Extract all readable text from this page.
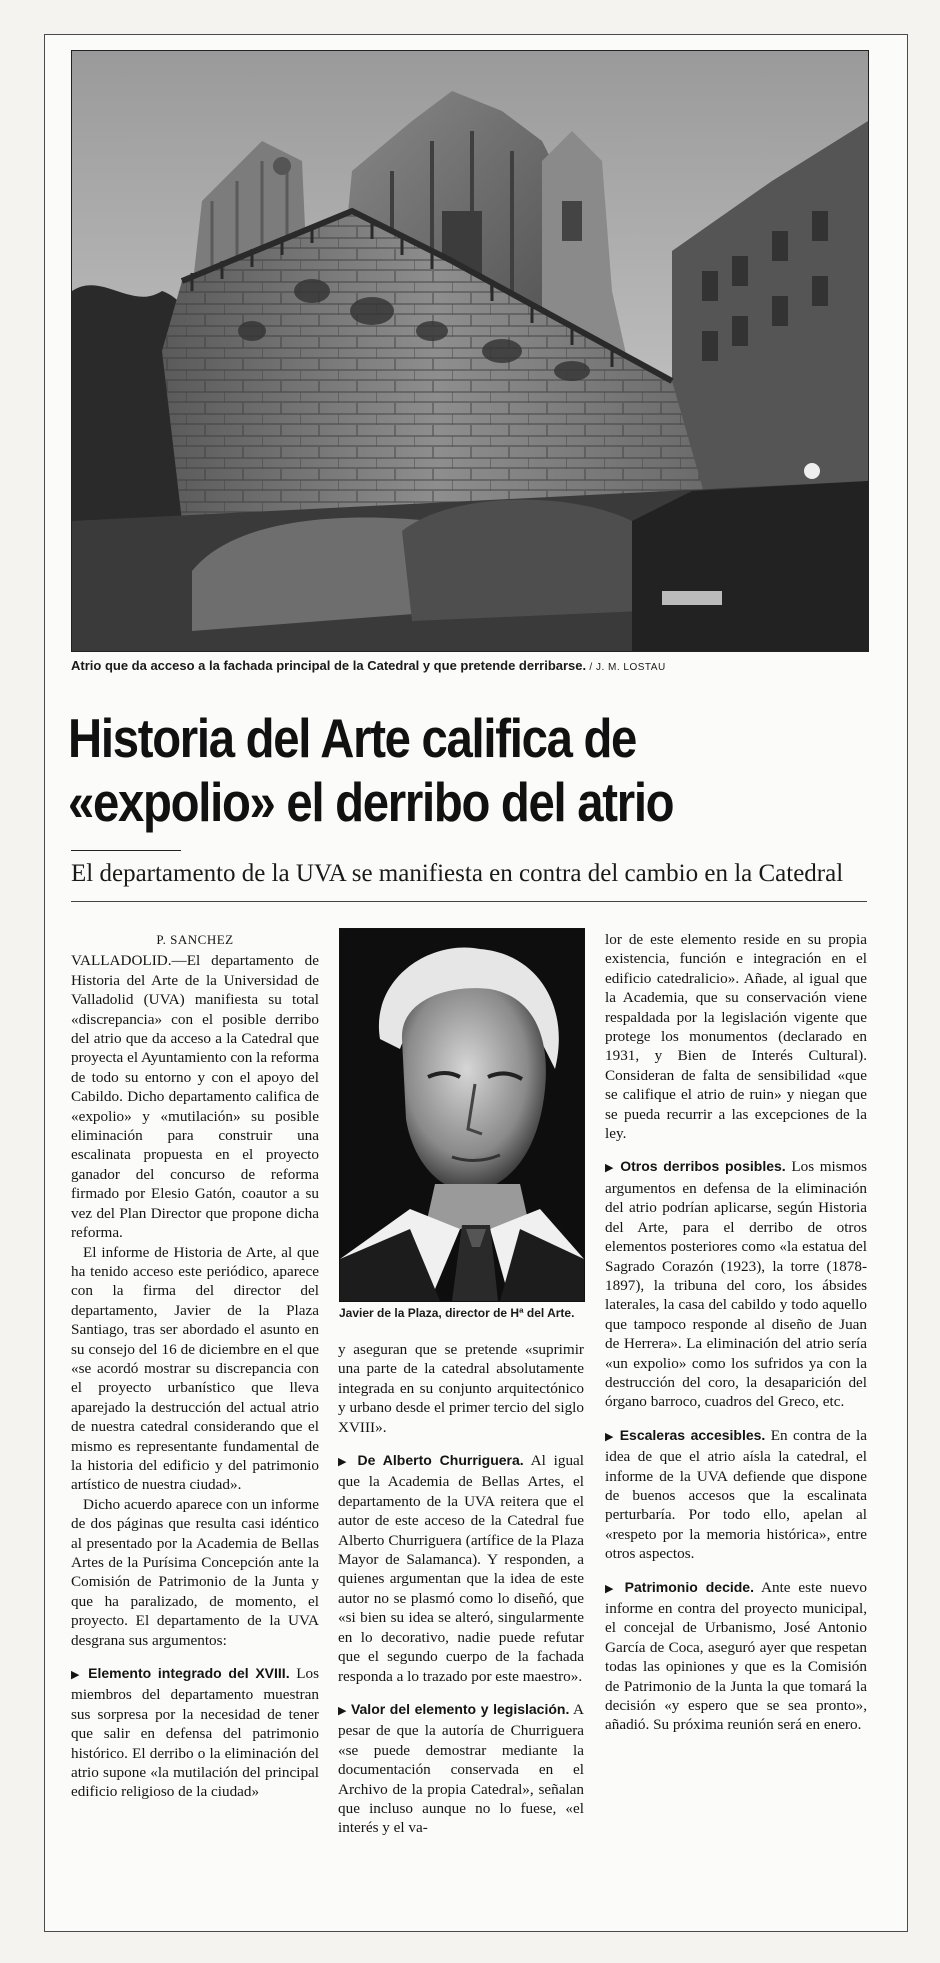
Atrio que da acceso a la fachada principal de la Catedral y que pretende derribarse. / J. M. LOSTAU
Historia del Arte califica de
«expolio» el derribo del atrio
El departamento de la UVA se manifiesta en contra del cambio en la Catedral
P. SANCHEZ

VALLADOLID.—El departamento de Historia del Arte de la Universidad de Valladolid (UVA) manifiesta su total «discrepancia» con el posible derribo del atrio que da acceso a la Catedral que proyecta el Ayuntamiento con la reforma de todo su entorno y con el apoyo del Cabildo. Dicho departamento califica de «expolio» y «mutilación» su posible eliminación para construir una escalinata propuesta en el proyecto ganador del concurso de reforma firmado por Elesio Gatón, coautor a su vez del Plan Director que propone dicha reforma.

El informe de Historia de Arte, al que ha tenido acceso este periódico, aparece con la firma del director del departamento, Javier de la Plaza Santiago, tras ser abordado el asunto en su consejo del 16 de diciembre en el que «se acordó mostrar su discrepancia con el proyecto urbanístico que lleva aparejado la destrucción del actual atrio de nuestra catedral considerando que el mismo es representante fundamental de la historia del edificio y del patrimonio artístico de nuestra ciudad».

Dicho acuerdo aparece con un informe de dos páginas que resulta casi idéntico al presentado por la Academia de Bellas Artes de la Purísima Concepción ante la Comisión de Patrimonio de la Junta y que ha paralizado, de momento, el proyecto. El departamento de la UVA desgrana sus argumentos:

▶ Elemento integrado del XVIII. Los miembros del departamento muestran sus sorpresa por la necesidad de tener que salir en defensa del patrimonio histórico. El derribo o la eliminación del atrio supone «la mutilación del principal edificio religioso de la ciudad»

Javier de la Plaza, director de Hª del Arte.

y aseguran que se pretende «suprimir una parte de la catedral absolutamente integrada en su conjunto arquitectónico y urbano desde el primer tercio del siglo XVIII».

▶ De Alberto Churriguera. Al igual que la Academia de Bellas Artes, el departamento de la UVA reitera que el autor de este acceso de la Catedral fue Alberto Churriguera (artífice de la Plaza Mayor de Salamanca). Y responden, a quienes argumentan que la idea de este autor no se plasmó como lo diseñó, que «si bien su idea se alteró, singularmente en lo decorativo, nadie puede refutar que el segundo cuerpo de la fachada responda a lo trazado por este maestro».

▶ Valor del elemento y legislación. A pesar de que la autoría de Churriguera «se puede demostrar mediante la documentación conservada en el Archivo de la propia Catedral», señalan que incluso aunque no lo fuese, «el interés y el va-

lor de este elemento reside en su propia existencia, función e integración en el edificio catedralicio». Añade, al igual que la Academia, que su conservación viene respaldada por la legislación vigente que protege los monumentos (declarado en 1931, y Bien de Interés Cultural). Consideran de falta de sensibilidad «que se califique el atrio de ruin» y niegan que se pueda recurrir a las excepciones de la ley.

▶ Otros derribos posibles. Los mismos argumentos en defensa de la eliminación del atrio podrían aplicarse, según Historia del Arte, para el derribo de otros elementos posteriores como «la estatua del Sagrado Corazón (1923), la torre (1878-1897), la tribuna del coro, los ábsides laterales, la casa del cabildo y todo aquello que tampoco responde al diseño de Juan de Herrera». La eliminación del atrio sería «un expolio» como los sufridos ya con la destrucción del coro, la desaparición del órgano barroco, cuadros del Greco, etc.

▶ Escaleras accesibles. En contra de la idea de que el atrio aísla la catedral, el informe de la UVA defiende que dispone de buenos accesos que la escalinata perturbaría. Por todo ello, apelan al «respeto por la memoria histórica», entre otros aspectos.

▶ Patrimonio decide. Ante este nuevo informe en contra del proyecto municipal, el concejal de Urbanismo, José Antonio García de Coca, aseguró ayer que respetan todas las opiniones y que es la Comisión de Patrimonio de la Junta la que tomará la decisión «y espero que se sea pronto», añadió. Su próxima reunión será en enero.
